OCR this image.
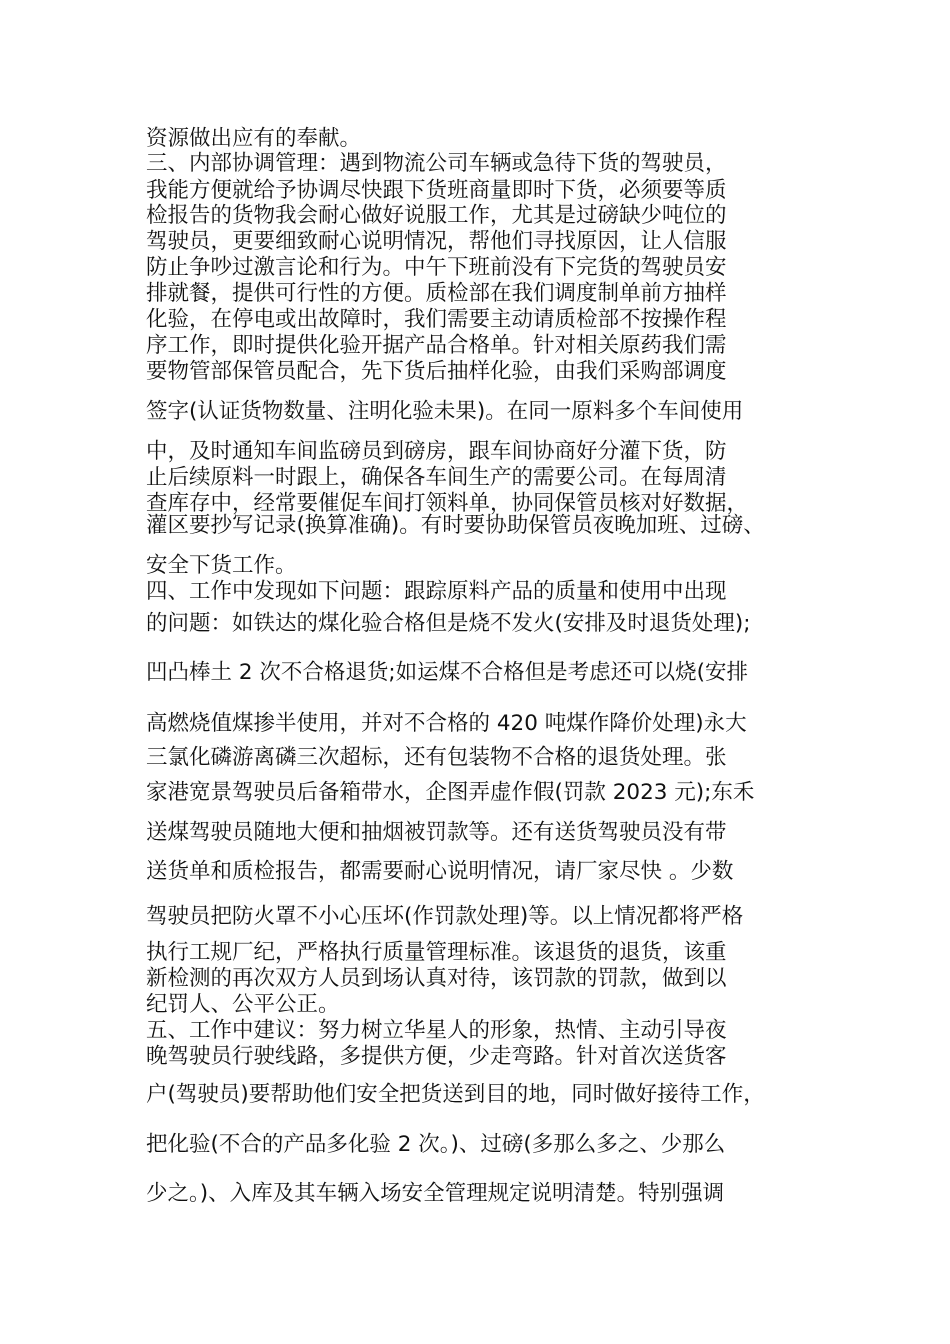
资源做出应有的奉献。
三、内部协调管理：遇到物流公司车辆或急待下货的驾驶员，
我能方便就给予协调尽快跟下货班商量即时下货，必须要等质
检报告的货物我会耐心做好说服工作，尤其是过磅缺少吨位的
驾驶员，更要细致耐心说明情况，帮他们寻找原因，让人信服
防止争吵过激言论和行为。中午下班前没有下完货的驾驶员安
排就餐，提供可行性的方便。质检部在我们调度制单前方抽样
化验，在停电或出故障时，我们需要主动请质检部不按操作程
序工作，即时提供化验开据产品合格单。针对相关原药我们需
要物管部保管员配合，先下货后抽样化验，由我们采购部调度
签字(认证货物数量、注明化验未果)。在同一原料多个车间使用
中，及时通知车间监磅员到磅房，跟车间协商好分灌下货，防
止后续原料一时跟上，确保各车间生产的需要公司。在每周清
查库存中，经常要催促车间打领料单，协同保管员核对好数据，
灌区要抄写记录(换算准确)。有时要协助保管员夜晚加班、过磅、
安全下货工作。
四、工作中发现如下问题：跟踪原料产品的质量和使用中出现
的问题：如铁达的煤化验合格但是烧不发火(安排及时退货处理);
凹凸棒土 2 次不合格退货;如运煤不合格但是考虑还可以烧(安排
高燃烧值煤掺半使用，并对不合格的 420 吨煤作降价处理)永大
三氯化磷游离磷三次超标，还有包装物不合格的退货处理。张
家港宽景驾驶员后备箱带水，企图弄虚作假(罚款 2023 元);东禾
送煤驾驶员随地大便和抽烟被罚款等。还有送货驾驶员没有带
送货单和质检报告，都需要耐心说明情况，请厂家尽快 。少数
驾驶员把防火罩不小心压坏(作罚款处理)等。以上情况都将严格
执行工规厂纪，严格执行质量管理标准。该退货的退货，该重
新检测的再次双方人员到场认真对待，该罚款的罚款，做到以
纪罚人、公平公正。
五、工作中建议：努力树立华星人的形象，热情、主动引导夜
晚驾驶员行驶线路，多提供方便，少走弯路。针对首次送货客
户(驾驶员)要帮助他们安全把货送到目的地，同时做好接待工作，
把化验(不合的产品多化验 2 次。)、过磅(多那么多之、少那么
少之。)、入库及其车辆入场安全管理规定说明清楚。特别强调
